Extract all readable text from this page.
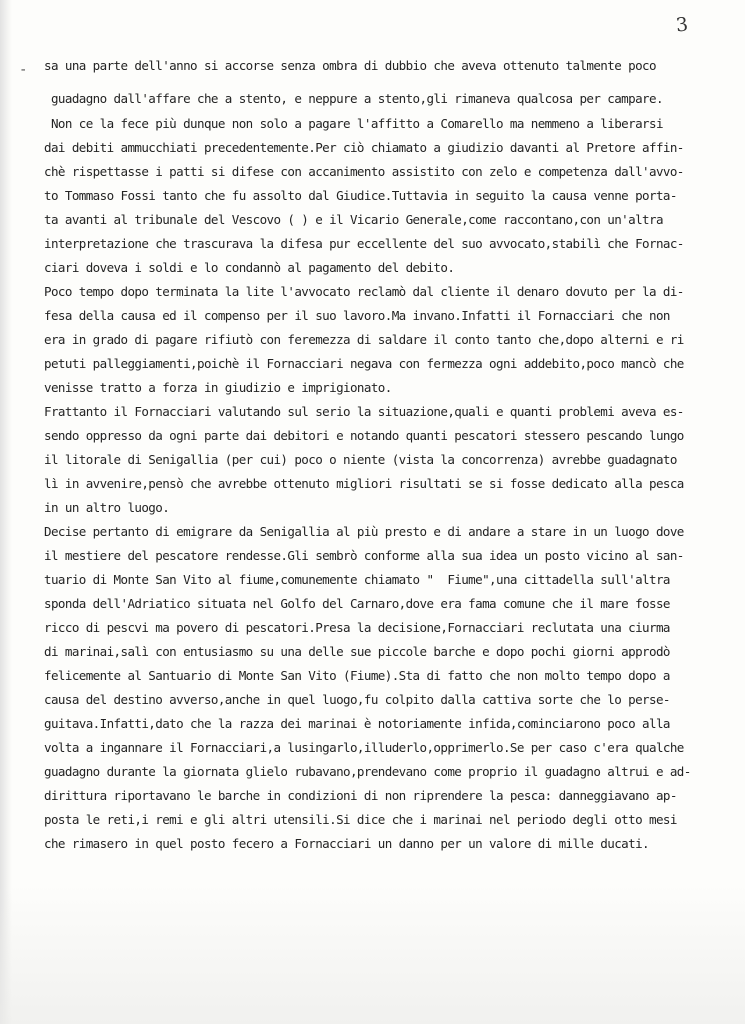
3
- sa una parte dell'anno si accorse senza ombra di dubbio che aveva ottenuto talmente poco
guadagno dall'affare che a stento, e neppure a stento,gli rimaneva qualcosa per campare.
Non ce la fece più dunque non solo a pagare l'affitto a Comarello ma nemmeno a liberarsi
dai debiti ammucchiati precedentemente.Per ciò chiamato a giudizio davanti al Pretore affin-
chè rispettasse i patti si difese con accanimento assistito con zelo e competenza dall'avvo-
to Tommaso Fossi tanto che fu assolto dal Giudice.Tuttavia in seguito la causa venne porta-
ta avanti al tribunale del Vescovo ( ) e il Vicario Generale,come raccontano,con un'altra
interpretazione che trascurava la difesa pur eccellente del suo avvocato,stabilì che Fornac-
ciari doveva i soldi e lo condannò al pagamento del debito.
Poco tempo dopo terminata la lite l'avvocato reclamò dal cliente il denaro dovuto per la di-
fesa della causa ed il compenso per il suo lavoro.Ma invano.Infatti il Fornacciari che non
era in grado di pagare rifiutò con feremezza di saldare il conto tanto che,dopo alterni e ri
petuti palleggiamenti,poichè il Fornacciari negava con fermezza ogni addebito,poco mancò che
venisse tratto a forza in giudizio e imprigionato.
Frattanto il Fornacciari valutando sul serio la situazione,quali e quanti problemi aveva es-
sendo oppresso da ogni parte dai debitori e notando quanti pescatori stessero pescando lungo
il litorale di Senigallia (per cui) poco o niente (vista la concorrenza) avrebbe guadagnato
lì in avvenire,pensò che avrebbe ottenuto migliori risultati se si fosse dedicato alla pesca
in un altro luogo.
Decise pertanto di emigrare da Senigallia al più presto e di andare a stare in un luogo dove
il mestiere del pescatore rendesse.Gli sembrò conforme alla sua idea un posto vicino al san-
tuario di Monte San Vito al fiume,comunemente chiamato "  Fiume",una cittadella sull'altra
sponda dell'Adriatico situata nel Golfo del Carnaro,dove era fama comune che il mare fosse
ricco di pescvi ma povero di pescatori.Presa la decisione,Fornacciari reclutata una ciurma
di marinai,salì con entusiasmo su una delle sue piccole barche e dopo pochi giorni approdò
felicemente al Santuario di Monte San Vito (Fiume).Sta di fatto che non molto tempo dopo a
causa del destino avverso,anche in quel luogo,fu colpito dalla cattiva sorte che lo perse-
guitava.Infatti,dato che la razza dei marinai è notoriamente infida,cominciarono poco alla
volta a ingannare il Fornacciari,a lusingarlo,illuderlo,opprimerlo.Se per caso c'era qualche
guadagno durante la giornata glielo rubavano,prendevano come proprio il guadagno altrui e ad-
dirittura riportavano le barche in condizioni di non riprendere la pesca: danneggiavano ap-
posta le reti,i remi e gli altri utensili.Si dice che i marinai nel periodo degli otto mesi
che rimasero in quel posto fecero a Fornacciari un danno per un valore di mille ducati.
